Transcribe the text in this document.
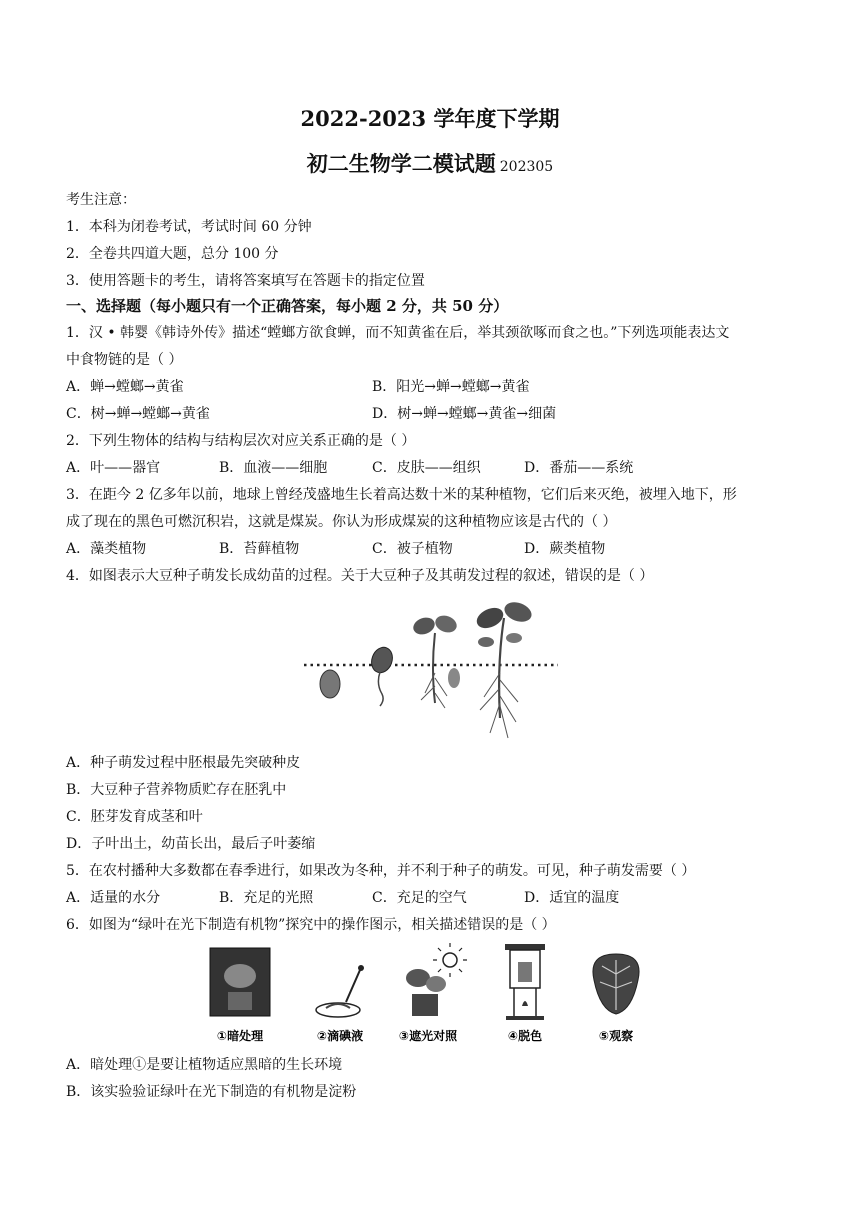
2022-2023 学年度下学期
初二生物学二模试题 202305
考生注意：
1．本科为闭卷考试，考试时间 60 分钟
2．全卷共四道大题，总分 100 分
3．使用答题卡的考生，请将答案填写在答题卡的指定位置
一、选择题（每小题只有一个正确答案，每小题 2 分，共 50 分）
1．汉 • 韩婴《韩诗外传》描述“螳螂方欲食蝉，而不知黄雀在后，举其颈欲啄而食之也。”下列选项能表达文
中食物链的是（ ）
A．蝉→螳螂→黄雀	B．阳光→蝉→螳螂→黄雀
C．树→蝉→螳螂→黄雀	D．树→蝉→螳螂→黄雀→细菌
2．下列生物体的结构与结构层次对应关系正确的是（ ）
A．叶——器官	B．血液——细胞	C．皮肤——组织	D．番茄——系统
3．在距今 2 亿多年以前，地球上曾经茂盛地生长着高达数十米的某种植物，它们后来灭绝，被埋入地下，形
成了现在的黑色可燃沉积岩，这就是煤炭。你认为形成煤炭的这种植物应该是古代的（ ）
A．藻类植物	B．苔藓植物	C．被子植物	D．蕨类植物
4．如图表示大豆种子萌发长成幼苗的过程。关于大豆种子及其萌发过程的叙述，错误的是（ ）
A．种子萌发过程中胚根最先突破种皮
B．大豆种子营养物质贮存在胚乳中
C．胚芽发育成茎和叶
D．子叶出土，幼苗长出，最后子叶萎缩
5．在农村播种大多数都在春季进行，如果改为冬种，并不利于种子的萌发。可见，种子萌发需要（ ）
A．适量的水分	B．充足的光照	C．充足的空气	D．适宜的温度
6．如图为“绿叶在光下制造有机物”探究中的操作图示，相关描述错误的是（ ）
①暗处理	②滴碘液	③遮光对照	④脱色	⑤观察
A．暗处理①是要让植物适应黑暗的生长环境
B．该实验验证绿叶在光下制造的有机物是淀粉
